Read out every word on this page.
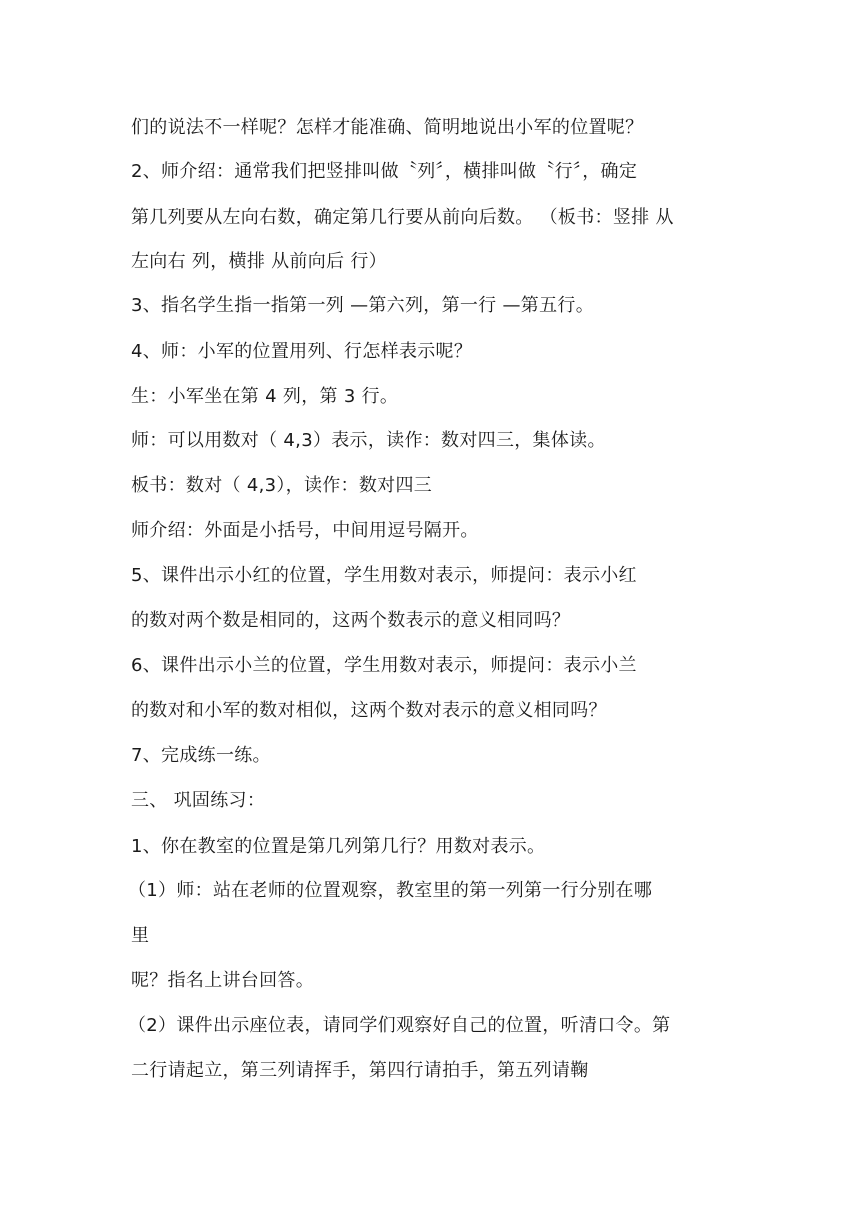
们的说法不一样呢？怎样才能准确、简明地说出小军的位置呢？
2、师介绍：通常我们把竖排叫做〝列〞，横排叫做〝行〞，确定
第几列要从左向右数，确定第几行要从前向后数。 （板书：竖排 从
左向右 列，横排 从前向后 行）
3、指名学生指一指第一列 —第六列，第一行 —第五行。
4、师：小军的位置用列、行怎样表示呢？
生：小军坐在第 4 列，第 3 行。
师：可以用数对（ 4,3）表示，读作：数对四三，集体读。
板书：数对（ 4,3），读作：数对四三
师介绍：外面是小括号，中间用逗号隔开。
5、课件出示小红的位置，学生用数对表示，师提问：表示小红
的数对两个数是相同的，这两个数表示的意义相同吗？
6、课件出示小兰的位置，学生用数对表示，师提问：表示小兰
的数对和小军的数对相似，这两个数对表示的意义相同吗？
7、完成练一练。
三、 巩固练习：
1、你在教室的位置是第几列第几行？用数对表示。
（1）师：站在老师的位置观察，教室里的第一列第一行分别在哪
里
呢？指名上讲台回答。
（2）课件出示座位表，请同学们观察好自己的位置，听清口令。第
二行请起立，第三列请挥手，第四行请拍手，第五列请鞠
